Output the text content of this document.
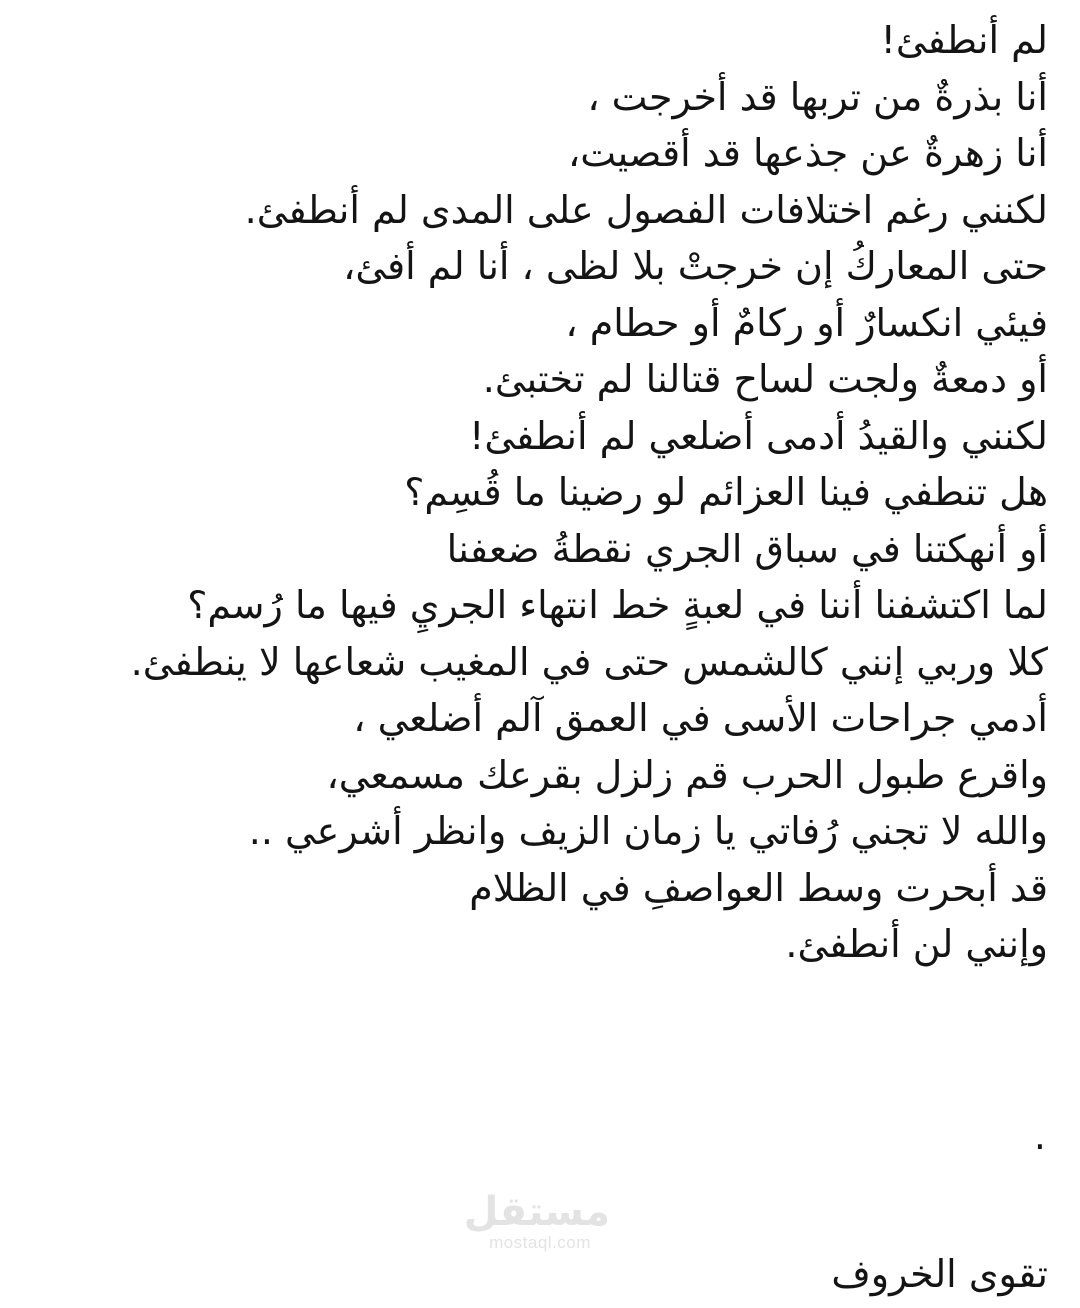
لم أنطفئ!
أنا بذرةٌ من تربها قد أخرجت ،
أنا زهرةٌ عن جذعها قد أقصيت،
لكنني رغم اختلافات الفصول على المدى لم أنطفئ.
حتى المعاركُ إن خرجتْ بلا لظى ، أنا لم أفئ،
فيئي انكسارٌ أو ركامٌ أو حطام ،
أو دمعةٌ ولجت لساح قتالنا لم تختبئ.
لكنني والقيدُ أدمى أضلعي لم أنطفئ!
هل تنطفي فينا العزائم لو رضينا ما قُسِم؟
أو أنهكتنا في سباق الجري نقطةُ ضعفنا
لما اكتشفنا أننا في لعبةٍ خط انتهاء الجريِ فيها ما رُسم؟
كلا وربي إنني كالشمس حتى في المغيب شعاعها لا ينطفئ.
أدمي جراحات الأسى في العمق آلم أضلعي ،
واقرع طبول الحرب قم زلزل بقرعك مسمعي،
والله لا تجني رُفاتي يا زمان الزيف وانظر أشرعي ..
قد أبحرت وسط العواصفِ في الظلام
وإنني لن أنطفئ.
.
مستقل
mostaql.com
تقوى الخروف
